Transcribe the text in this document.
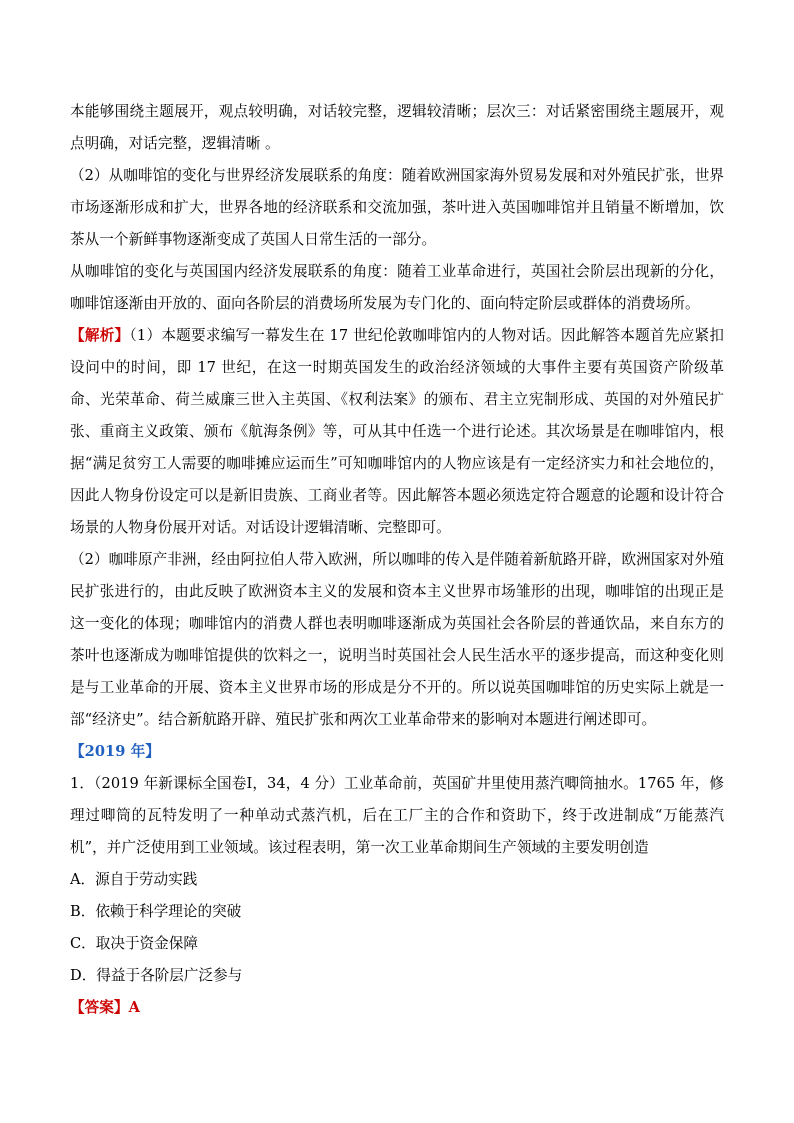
本能够围绕主题展开，观点较明确，对话较完整，逻辑较清晰；层次三：对话紧密围绕主题展开，观点明确，对话完整，逻辑清晰 。

（2）从咖啡馆的变化与世界经济发展联系的角度：随着欧洲国家海外贸易发展和对外殖民扩张，世界市场逐渐形成和扩大，世界各地的经济联系和交流加强，茶叶进入英国咖啡馆并且销量不断增加，饮茶从一个新鲜事物逐渐变成了英国人日常生活的一部分。

从咖啡馆的变化与英国国内经济发展联系的角度：随着工业革命进行，英国社会阶层出现新的分化，咖啡馆逐渐由开放的、面向各阶层的消费场所发展为专门化的、面向特定阶层或群体的消费场所。

【解析】（1）本题要求编写一幕发生在 17 世纪伦敦咖啡馆内的人物对话。因此解答本题首先应紧扣设问中的时间，即 17 世纪，在这一时期英国发生的政治经济领域的大事件主要有英国资产阶级革命、光荣革命、荷兰威廉三世入主英国、《权利法案》的颁布、君主立宪制形成、英国的对外殖民扩张、重商主义政策、颁布《航海条例》等，可从其中任选一个进行论述。其次场景是在咖啡馆内，根据“满足贫穷工人需要的咖啡摊应运而生”可知咖啡馆内的人物应该是有一定经济实力和社会地位的，因此人物身份设定可以是新旧贵族、工商业者等。因此解答本题必须选定符合题意的论题和设计符合场景的人物身份展开对话。对话设计逻辑清晰、完整即可。

（2）咖啡原产非洲，经由阿拉伯人带入欧洲，所以咖啡的传入是伴随着新航路开辟，欧洲国家对外殖民扩张进行的，由此反映了欧洲资本主义的发展和资本主义世界市场雏形的出现，咖啡馆的出现正是这一变化的体现；咖啡馆内的消费人群也表明咖啡逐渐成为英国社会各阶层的普通饮品，来自东方的茶叶也逐渐成为咖啡馆提供的饮料之一，说明当时英国社会人民生活水平的逐步提高，而这种变化则是与工业革命的开展、资本主义世界市场的形成是分不开的。所以说英国咖啡馆的历史实际上就是一部“经济史”。结合新航路开辟、殖民扩张和两次工业革命带来的影响对本题进行阐述即可。

【2019 年】

1．（2019 年新课标全国卷Ⅰ，34，4 分）工业革命前，英国矿井里使用蒸汽唧筒抽水。1765 年，修理过唧筒的瓦特发明了一种单动式蒸汽机，后在工厂主的合作和资助下，终于改进制成“万能蒸汽机”，并广泛使用到工业领域。该过程表明，第一次工业革命期间生产领域的主要发明创造

A．源自于劳动实践

B．依赖于科学理论的突破

C．取决于资金保障

D．得益于各阶层广泛参与

【答案】A
